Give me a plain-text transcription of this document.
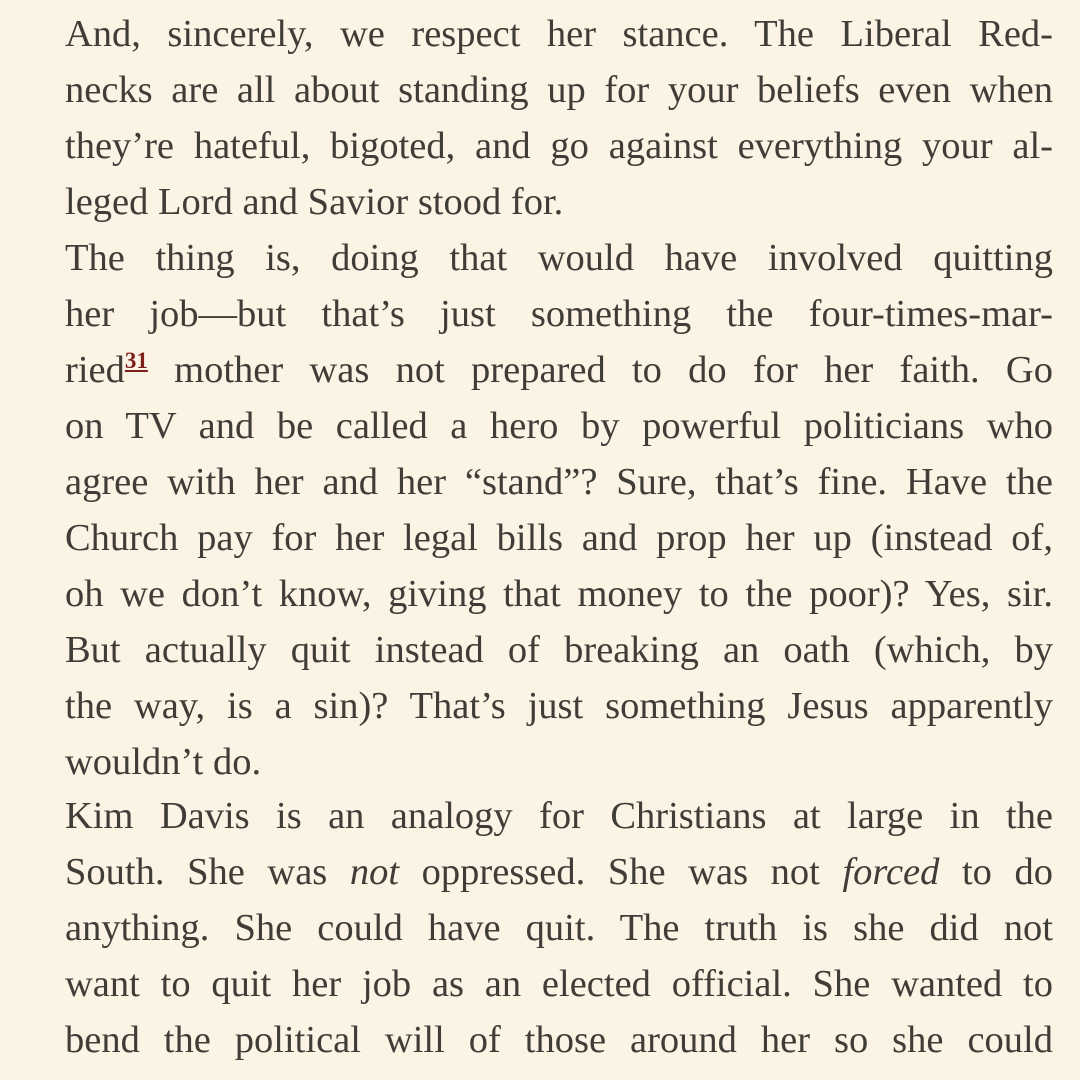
And, sincerely, we respect her stance. The Liberal Red-
necks are all about standing up for your beliefs even when
they’re hateful, bigoted, and go against everything your al-
leged Lord and Savior stood for.
The thing is, doing that would have involved quitting
her job—but that’s just something the four-times-mar-
ried$^{31}$ mother was not prepared to do for her faith. Go
on TV and be called a hero by powerful politicians who
agree with her and her “stand”? Sure, that’s fine. Have the
Church pay for her legal bills and prop her up (instead of,
oh we don’t know, giving that money to the poor)? Yes, sir.
But actually quit instead of breaking an oath (which, by
the way, is a sin)? That’s just something Jesus apparently
wouldn’t do.
Kim Davis is an analogy for Christians at large in the
South. She was not oppressed. She was not forced to do
anything. She could have quit. The truth is she did not
want to quit her job as an elected official. She wanted to
bend the political will of those around her so she could
